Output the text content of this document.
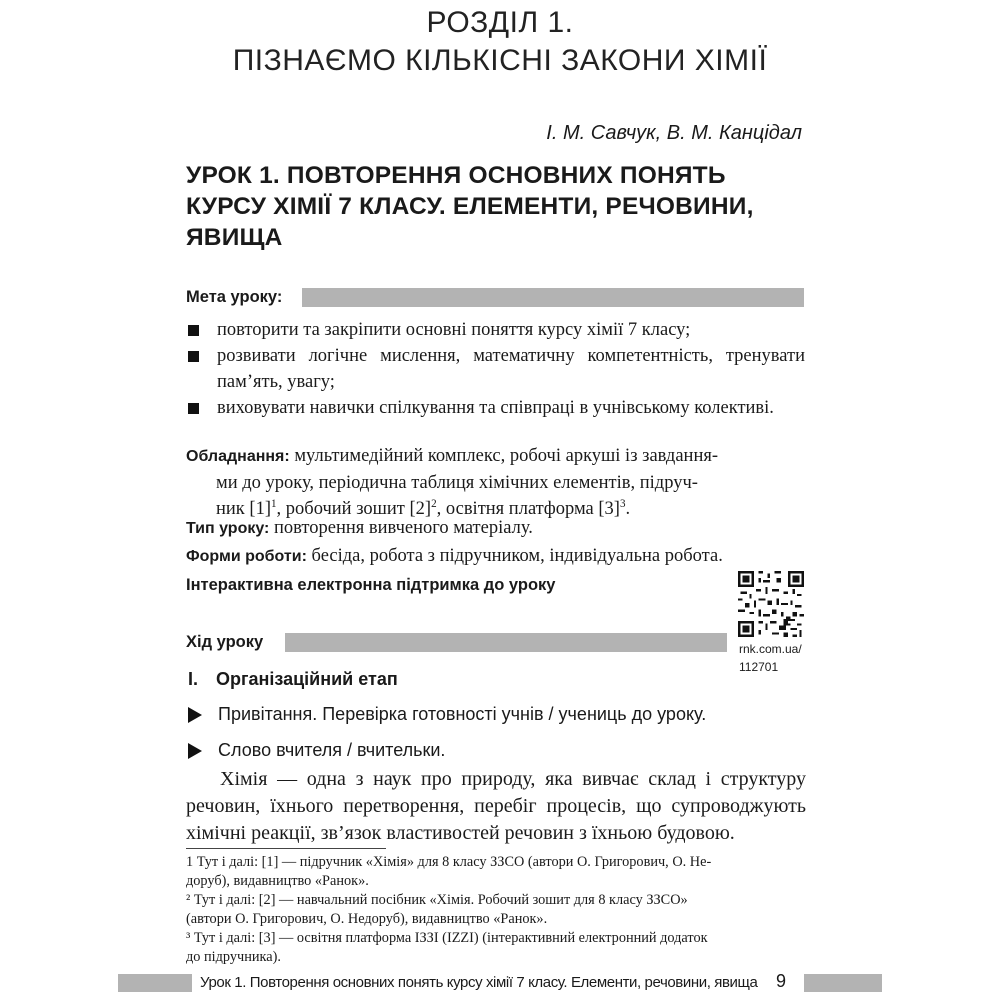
РОЗДІЛ 1.
ПІЗНАЄМО КІЛЬКІСНІ ЗАКОНИ ХІМІЇ
І. М. Савчук, В. М. Канцідал
УРОК 1. ПОВТОРЕННЯ ОСНОВНИХ ПОНЯТЬ
КУРСУ ХІМІЇ 7 КЛАСУ. ЕЛЕМЕНТИ, РЕЧОВИНИ,
ЯВИЩА
Мета уроку:
повторити та закріпити основні поняття курсу хімії 7 класу;
розвивати логічне мислення, математичну компетентність, тренувати пам’ять, увагу;
виховувати навички спілкування та співпраці в учнівському колективі.
Обладнання: мультимедійний комплекс, робочі аркуші із завдання-
ми до уроку, періодична таблиця хімічних елементів, підруч-
ник $[1]^1$, робочий зошит $[2]^2$, освітня платформа $[3]^3$.
Тип уроку: повторення вивченого матеріалу.
Форми роботи: бесіда, робота з підручником, індивідуальна робота.
Інтерактивна електронна підтримка до уроку
rnk.com.ua/
112701
Хід уроку
І. Організаційний етап
Привітання. Перевірка готовності учнів / учениць до уроку.
Слово вчителя / вчительки.
Хімія — одна з наук про природу, яка вивчає склад і структуру речовин, їхнього перетворення, перебіг процесів, що супроводжують хімічні реакції, зв’язок властивостей речовин з їхньою будовою.
1 Тут і далі: [1] — підручник «Хімія» для 8 класу ЗЗСО (автори О. Григорович, О. Не-
доруб), видавництво «Ранок».
² Тут і далі: [2] — навчальний посібник «Хімія. Робочий зошит для 8 класу ЗЗСО»
(автори О. Григорович, О. Недоруб), видавництво «Ранок».
³ Тут і далі: [3] — освітня платформа ІЗЗІ (IZZI) (інтерактивний електронний додаток
до підручника).
Урок 1. Повторення основних понять курсу хімії 7 класу. Елементи, речовини, явища 9
